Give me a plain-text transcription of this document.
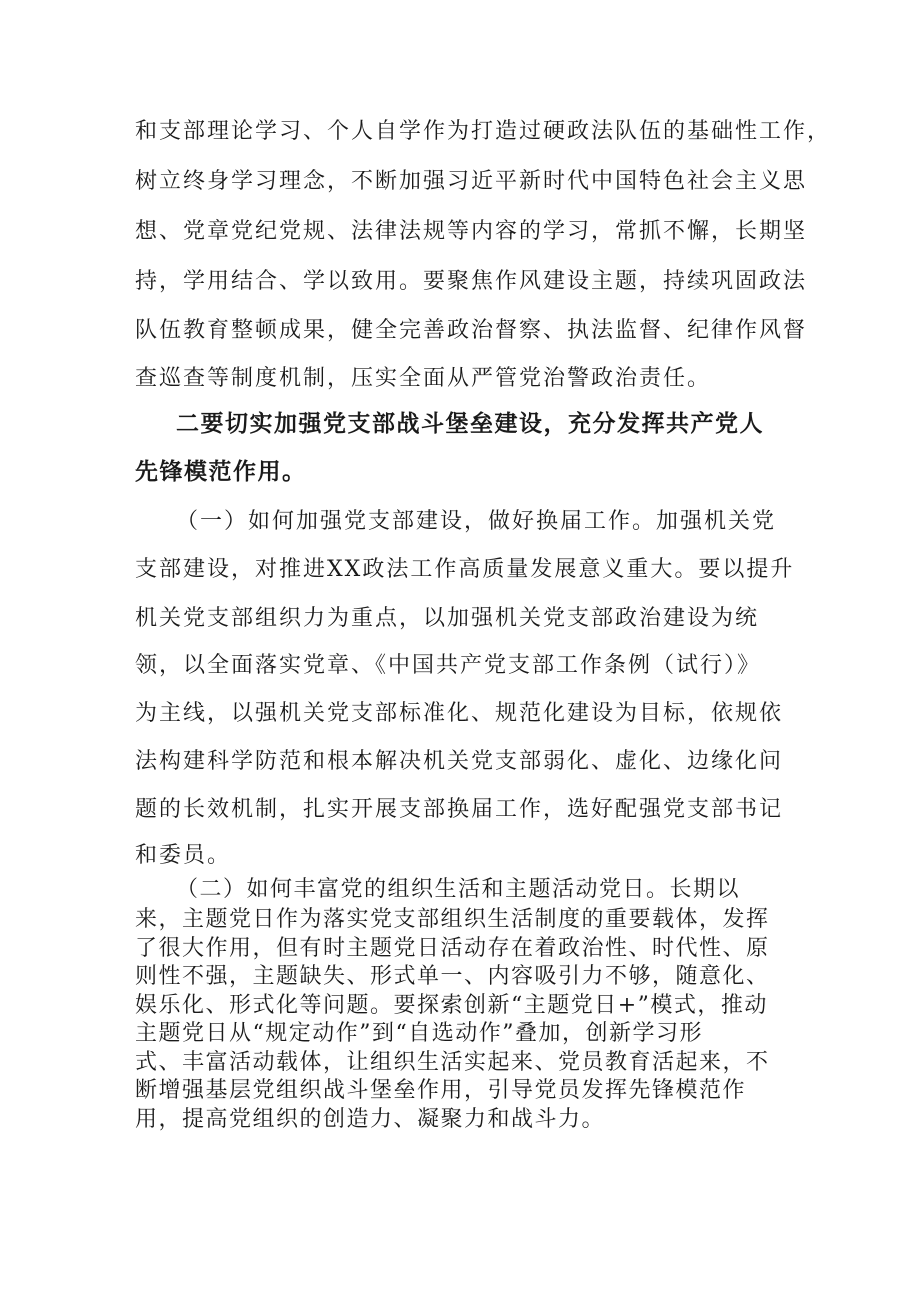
和支部理论学习、个人自学作为打造过硬政法队伍的基础性工作，
树立终身学习理念，不断加强习近平新时代中国特色社会主义思
想、党章党纪党规、法律法规等内容的学习，常抓不懈，长期坚
持，学用结合、学以致用。要聚焦作风建设主题，持续巩固政法
队伍教育整顿成果，健全完善政治督察、执法监督、纪律作风督
查巡查等制度机制，压实全面从严管党治警政治责任。
二要切实加强党支部战斗堡垒建设，充分发挥共产党人
先锋模范作用。
（一）如何加强党支部建设，做好换届工作。加强机关党
支部建设，对推进XX政法工作高质量发展意义重大。要以提升
机关党支部组织力为重点，以加强机关党支部政治建设为统
领，以全面落实党章、《中国共产党支部工作条例（试行）》
为主线，以强机关党支部标准化、规范化建设为目标，依规依
法构建科学防范和根本解决机关党支部弱化、虚化、边缘化问
题的长效机制，扎实开展支部换届工作，选好配强党支部书记
和委员。
（二）如何丰富党的组织生活和主题活动党日。长期以
来，主题党日作为落实党支部组织生活制度的重要载体，发挥
了很大作用，但有时主题党日活动存在着政治性、时代性、原
则性不强，主题缺失、形式单一、内容吸引力不够，随意化、
娱乐化、形式化等问题。要探索创新“主题党日+”模式，推动
主题党日从“规定动作”到“自选动作”叠加，创新学习形
式、丰富活动载体，让组织生活实起来、党员教育活起来，不
断增强基层党组织战斗堡垒作用，引导党员发挥先锋模范作
用，提高党组织的创造力、凝聚力和战斗力。
